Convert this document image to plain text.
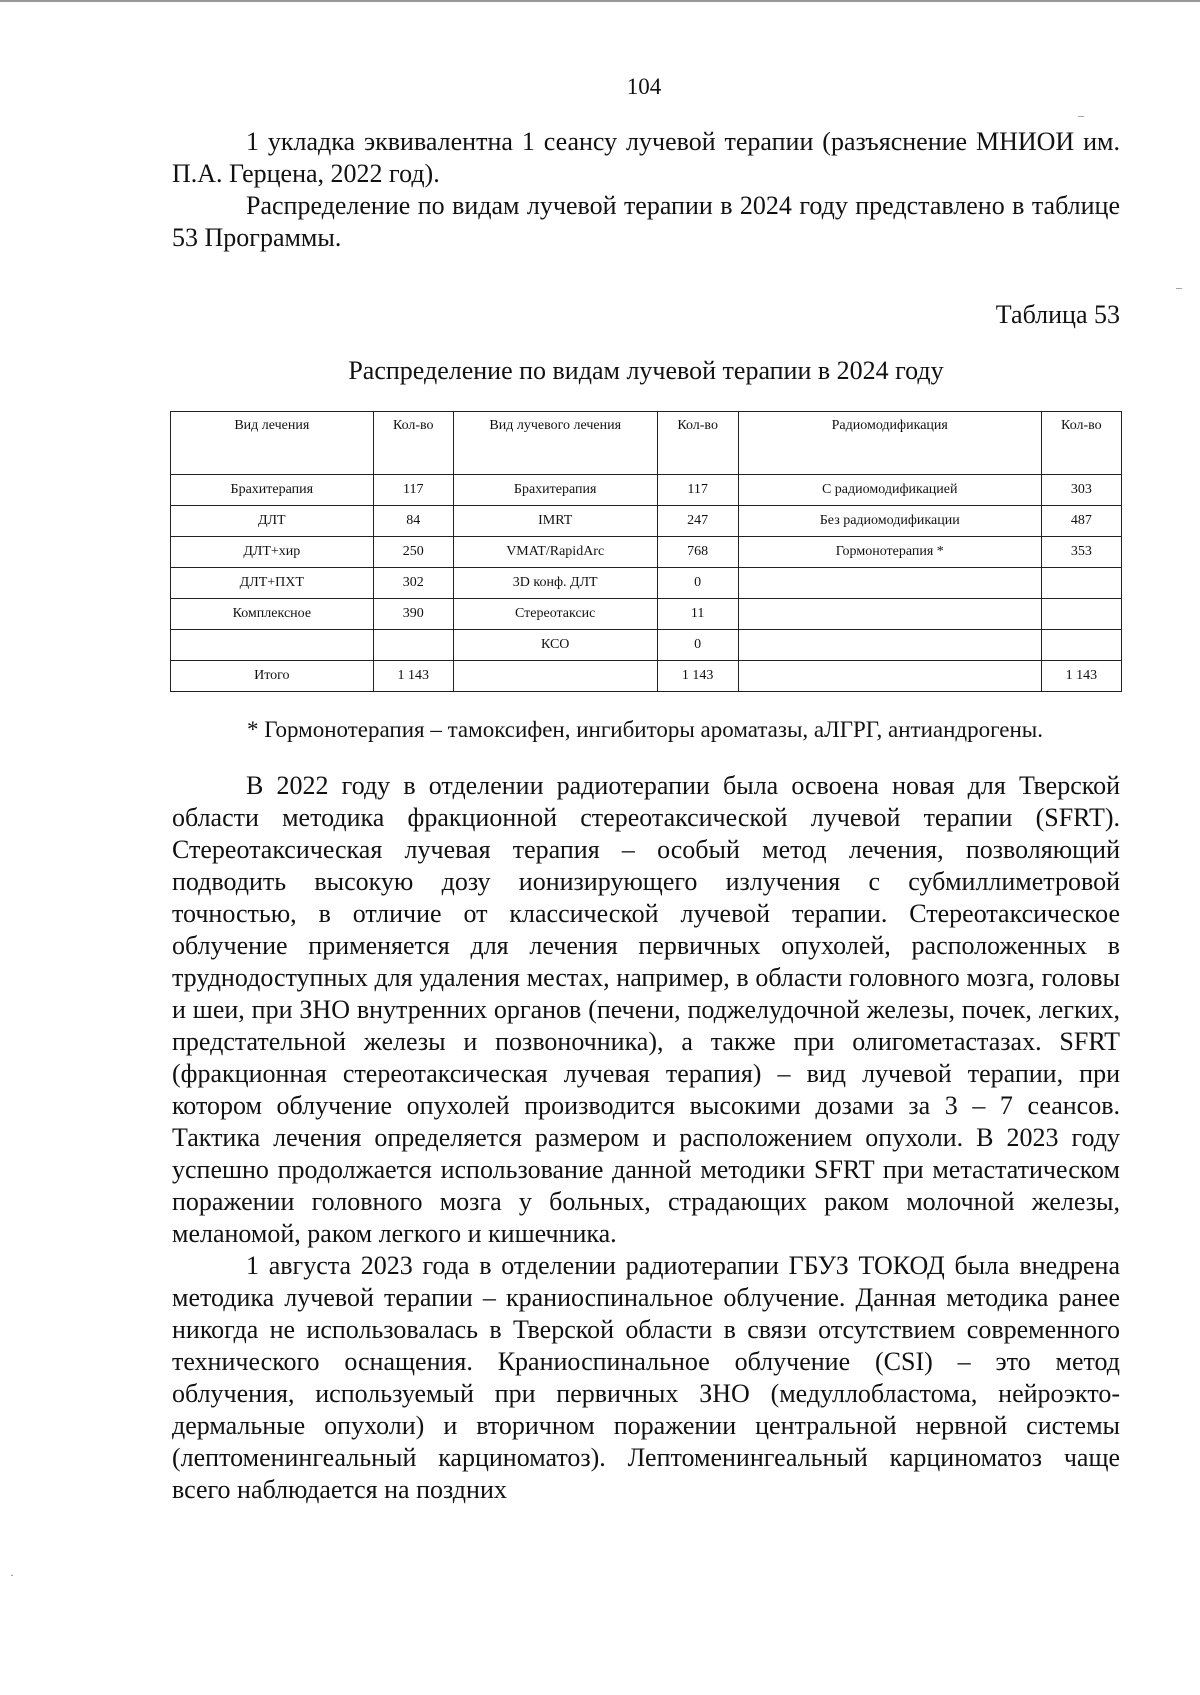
–
–
·
104

1 укладка эквивалентна 1 сеансу лучевой терапии (разъяснение МНИОИ им. П.А. Герцена, 2022 год).

Распределение по видам лучевой терапии в 2024 году представлено в таблице 53 Программы.

Таблица 53
Распределение по видам лучевой терапии в 2024 году
Вид лечения	Кол-во	Вид лучевого лечения	Кол-во	Радиомодификация	Кол-во
Брахитерапия	117	Брахитерапия	117	С радиомодификацией	303
ДЛТ	84	IMRT	247	Без радиомодификации	487
ДЛТ+хир	250	VMAT/RapidArc	768	Гормонотерапия *	353
ДЛТ+ПХТ	302	3D конф. ДЛТ	0		
Комплексное	390	Стереотаксис	11		
		КСО	0		
Итого	1 143		1 143		1 143

* Гормонотерапия – тамоксифен, ингибиторы ароматазы, аЛГРГ, антиандрогены.

В 2022 году в отделении радиотерапии была освоена новая для Тверской области методика фракционной стереотаксической лучевой терапии (SFRT). Стереотаксическая лучевая терапия – особый метод лечения, позволяющий подводить высокую дозу ионизирующего излучения с субмиллиметровой точностью, в отличие от классической лучевой терапии. Стереотаксическое облучение применяется для лечения первичных опухолей, расположенных в труднодоступных для удаления местах, например, в области головного мозга, головы и шеи, при ЗНО внутренних органов (печени, поджелудочной железы, почек, легких, предстательной железы и позвоночника), а также при олигометастазах. SFRT (фракционная стереотаксическая лучевая терапия) – вид лучевой терапии, при котором облучение опухолей производится высокими дозами за 3 – 7 сеансов. Тактика лечения определяется размером и расположением опухоли. В 2023 году успешно продолжается использование данной методики SFRT при метастатическом поражении головного мозга у больных, страдающих раком молочной железы, меланомой, раком легкого и кишечника.

1 августа 2023 года в отделении радиотерапии ГБУЗ ТОКОД была внедрена методика лучевой терапии – краниоспинальное облучение. Данная методика ранее никогда не использовалась в Тверской области в связи отсутствием современного технического оснащения. Краниоспинальное облучение (CSI) – это метод облучения, используемый при первичных ЗНО (медуллобластома, нейроэкто-дермальные опухоли) и вторичном поражении центральной нервной системы (лептоменингеальный карциноматоз). Лептоменингеальный карциноматоз чаще всего наблюдается на поздних
